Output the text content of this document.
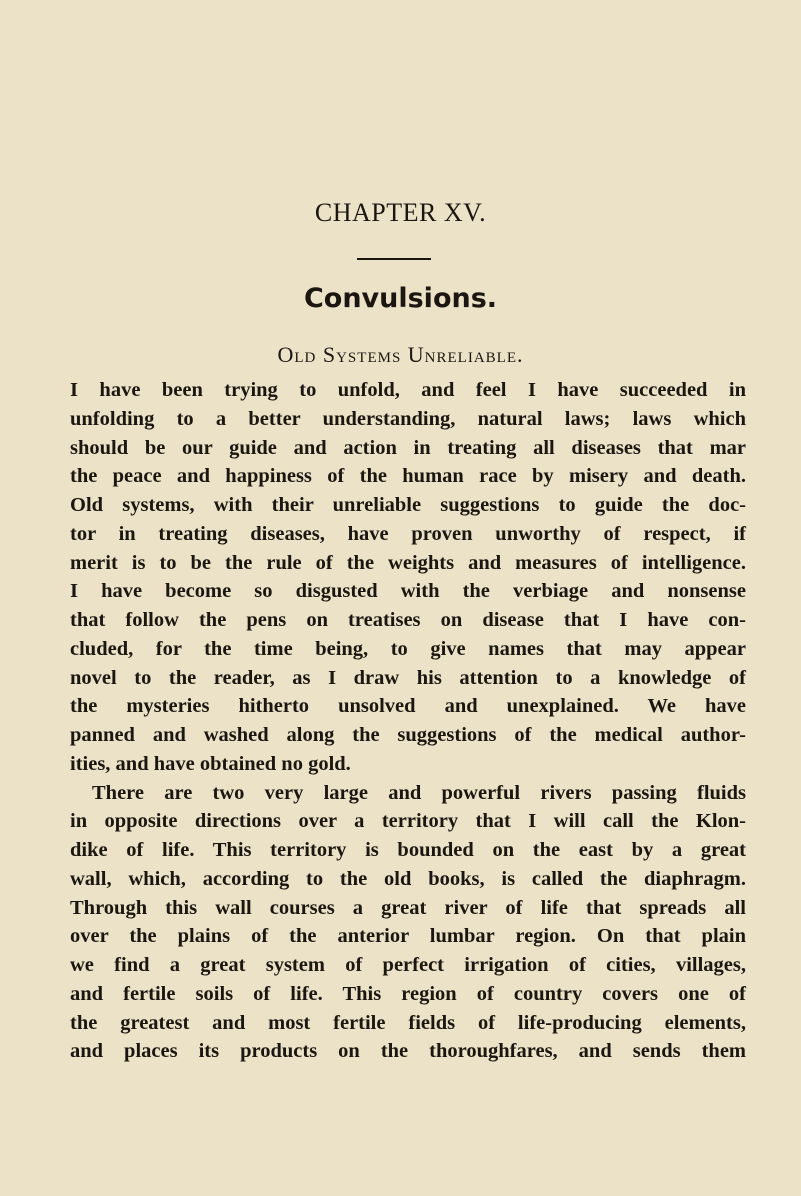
CHAPTER XV.
Convulsions.
Old Systems Unreliable.
I have been trying to unfold, and feel I have succeeded in
unfolding to a better understanding, natural laws; laws which
should be our guide and action in treating all diseases that mar
the peace and happiness of the human race by misery and death.
Old systems, with their unreliable suggestions to guide the doc-
tor in treating diseases, have proven unworthy of respect, if
merit is to be the rule of the weights and measures of intelligence.
I have become so disgusted with the verbiage and nonsense
that follow the pens on treatises on disease that I have con-
cluded, for the time being, to give names that may appear
novel to the reader, as I draw his attention to a knowledge of
the mysteries hitherto unsolved and unexplained. We have
panned and washed along the suggestions of the medical author-
ities, and have obtained no gold.
There are two very large and powerful rivers passing fluids
in opposite directions over a territory that I will call the Klon-
dike of life. This territory is bounded on the east by a great
wall, which, according to the old books, is called the diaphragm.
Through this wall courses a great river of life that spreads all
over the plains of the anterior lumbar region. On that plain
we find a great system of perfect irrigation of cities, villages,
and fertile soils of life. This region of country covers one of
the greatest and most fertile fields of life-producing elements,
and places its products on the thoroughfares, and sends them
